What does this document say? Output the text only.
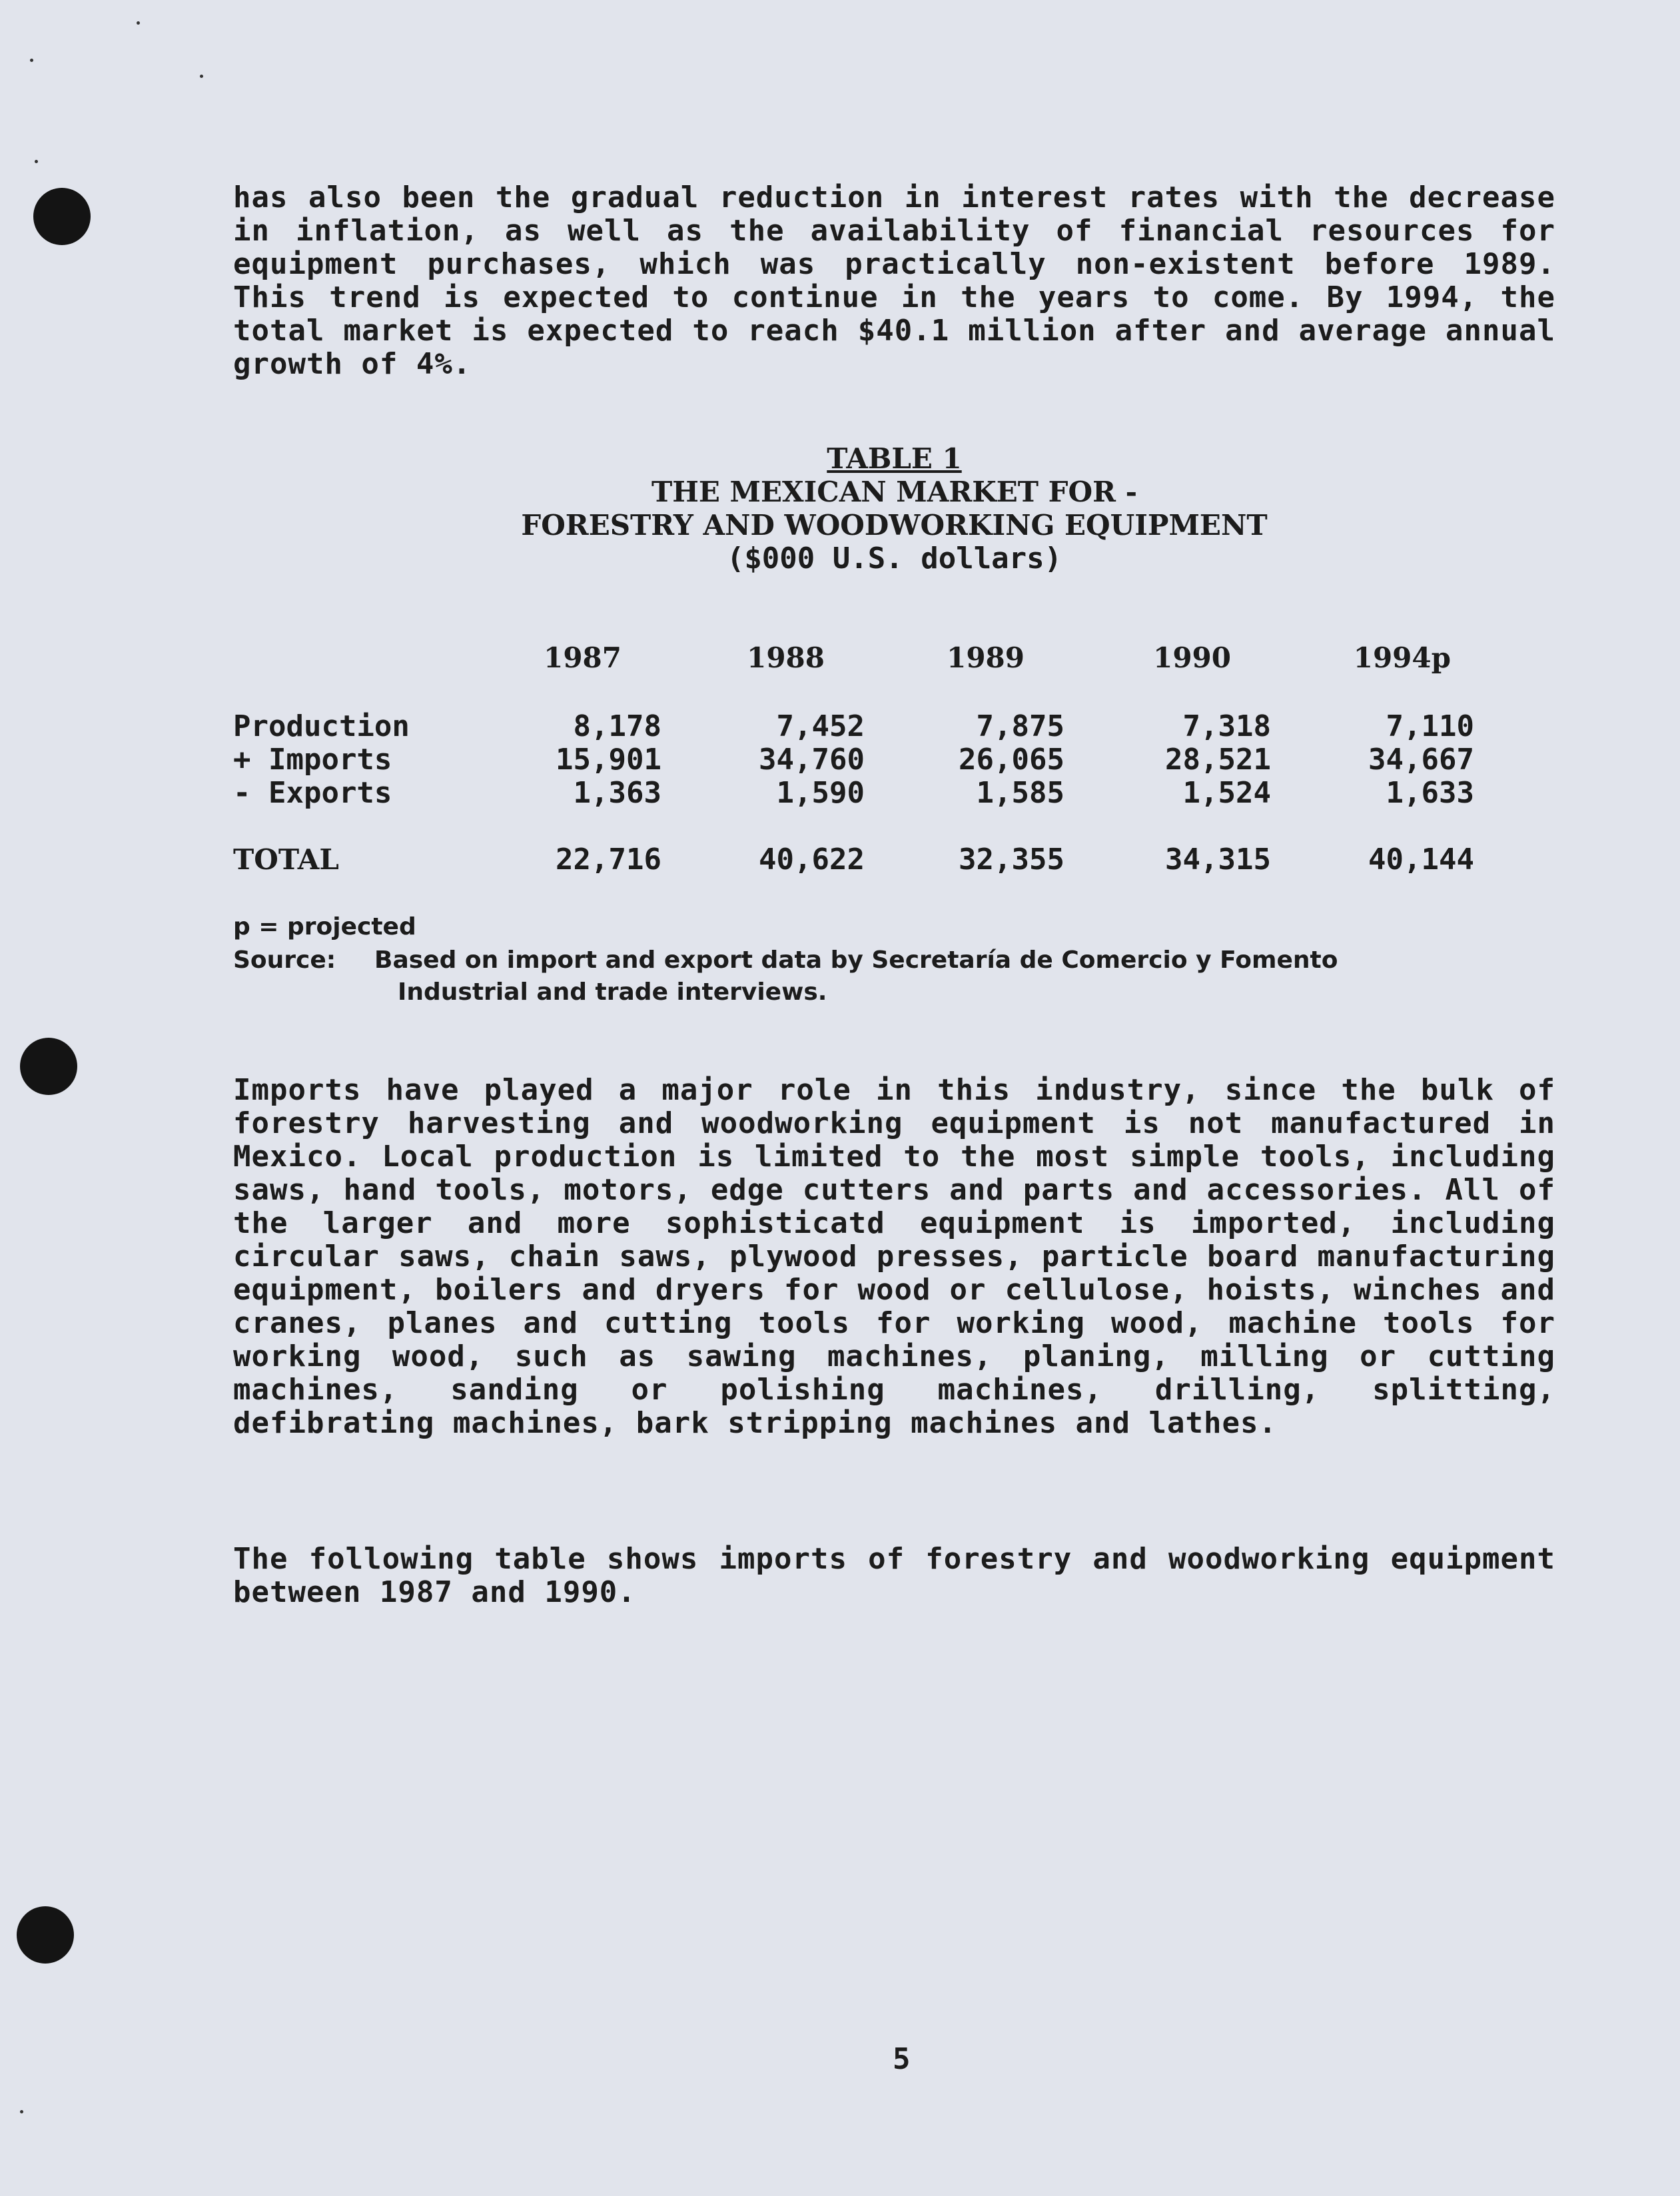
has also been the gradual reduction in interest rates with the decrease in inflation, as well as the availability of financial resources for equipment purchases, which was practically non-existent before 1989. This trend is expected to continue in the years to come. By 1994, the total market is expected to reach $40.1 million after and average annual growth of 4%.

TABLE 1
THE MEXICAN MARKET FOR -
FORESTRY AND WOODWORKING EQUIPMENT
($000 U.S. dollars)
1987	1988	1989	1990	1994p
Production	8,178	7,452	7,875	7,318	7,110
+ Imports	15,901	34,760	26,065	28,521	34,667
- Exports	1,363	1,590	1,585	1,524	1,633
TOTAL	22,716	40,622	32,355	34,315	40,144
p = projected
Source: Based on import and export data by Secretaría de Comercio y Fomento
Industrial and trade interviews.

Imports have played a major role in this industry, since the bulk of forestry harvesting and woodworking equipment is not manufactured in Mexico. Local production is limited to the most simple tools, including saws, hand tools, motors, edge cutters and parts and accessories. All of the larger and more sophisticatd equipment is imported, including circular saws, chain saws, plywood presses, particle board manufacturing equipment, boilers and dryers for wood or cellulose, hoists, winches and cranes, planes and cutting tools for working wood, machine tools for working wood, such as sawing machines, planing, milling or cutting machines, sanding or polishing machines, drilling, splitting, defibrating machines, bark stripping machines and lathes.

The following table shows imports of forestry and woodworking equipment between 1987 and 1990.

5
